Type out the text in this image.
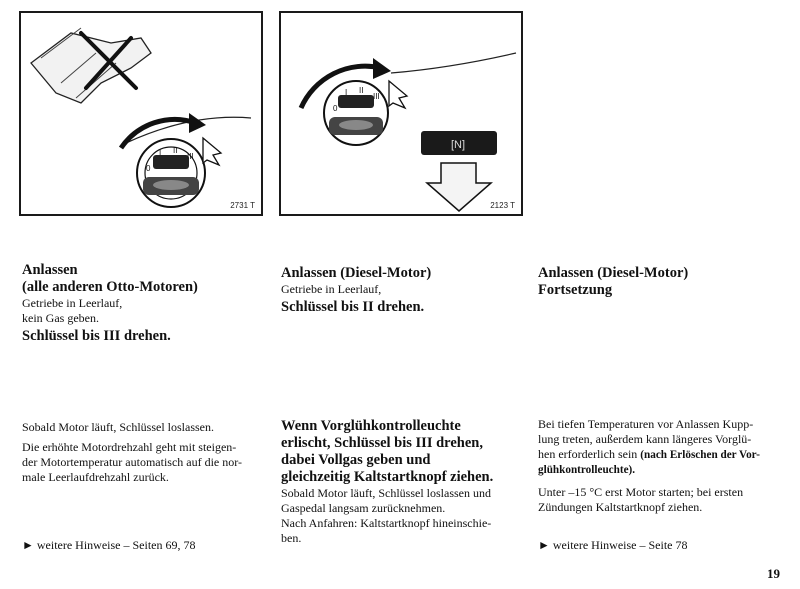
0
I II
III
2731 T
[N]
0
I II
III
2123 T

Anlassen

(alle anderen Otto-Motoren)

Getriebe in Leerlauf,

kein Gas geben.

Schlüssel bis III drehen.

Sobald Motor läuft, Schlüssel loslassen.

Die erhöhte Motordrehzahl geht mit steigen-

der Motortemperatur automatisch auf die nor-

male Leerlaufdrehzahl zurück.

► weitere Hinweise – Seiten 69, 78

Anlassen (Diesel-Motor)

Getriebe in Leerlauf,

Schlüssel bis II drehen.

Wenn Vorglühkontrolleuchte

erlischt, Schlüssel bis III drehen,

dabei Vollgas geben und

gleichzeitig Kaltstartknopf ziehen.

Sobald Motor läuft, Schlüssel loslassen und

Gaspedal langsam zurücknehmen.

Nach Anfahren: Kaltstartknopf hineinschie-

ben.

Anlassen (Diesel-Motor)

Fortsetzung

Bei tiefen Temperaturen vor Anlassen Kupp-

lung treten, außerdem kann längeres Vorglü-

hen erforderlich sein (nach Erlöschen der Vor-

glühkontrolleuchte).

Unter –15 °C erst Motor starten; bei ersten

Zündungen Kaltstartknopf ziehen.

► weitere Hinweise – Seite 78
19
